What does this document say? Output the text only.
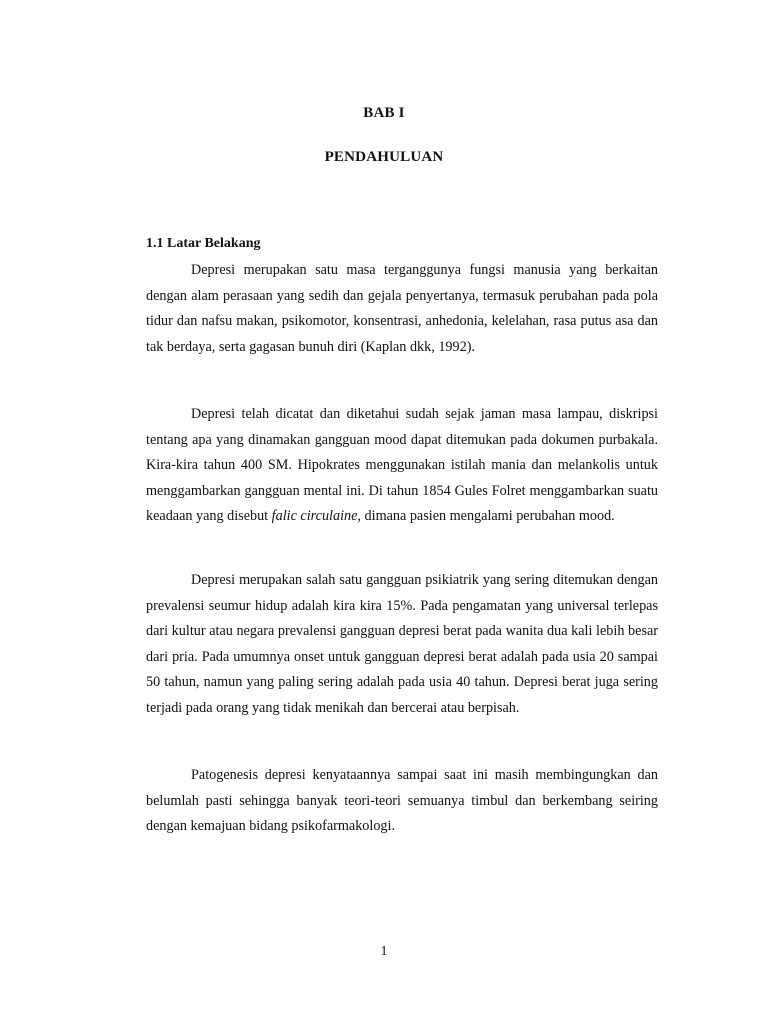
BAB I
PENDAHULUAN
1.1 Latar Belakang

Depresi merupakan satu masa terganggunya fungsi manusia yang berkaitan dengan alam perasaan yang sedih dan gejala penyertanya, termasuk perubahan pada pola tidur dan nafsu makan, psikomotor, konsentrasi, anhedonia, kelelahan, rasa putus asa dan tak berdaya, serta gagasan bunuh diri (Kaplan dkk, 1992).

Depresi telah dicatat dan diketahui sudah sejak jaman masa lampau, diskripsi tentang apa yang dinamakan gangguan mood dapat ditemukan pada dokumen purbakala. Kira-kira tahun 400 SM. Hipokrates menggunakan istilah mania dan melankolis untuk menggambarkan gangguan mental ini. Di tahun 1854 Gules Folret menggambarkan suatu keadaan yang disebut falic circulaine, dimana pasien mengalami perubahan mood.

Depresi merupakan salah satu gangguan psikiatrik yang sering ditemukan dengan prevalensi seumur hidup adalah kira kira 15%. Pada pengamatan yang universal terlepas dari kultur atau negara prevalensi gangguan depresi berat pada wanita dua kali lebih besar dari pria. Pada umumnya onset untuk gangguan depresi berat adalah pada usia 20 sampai 50 tahun, namun yang paling sering adalah pada usia 40 tahun. Depresi berat juga sering terjadi pada orang yang tidak menikah dan bercerai atau berpisah.

Patogenesis depresi kenyataannya sampai saat ini masih membingungkan dan belumlah pasti sehingga banyak teori-teori semuanya timbul dan berkembang seiring dengan kemajuan bidang psikofarmakologi.

1
